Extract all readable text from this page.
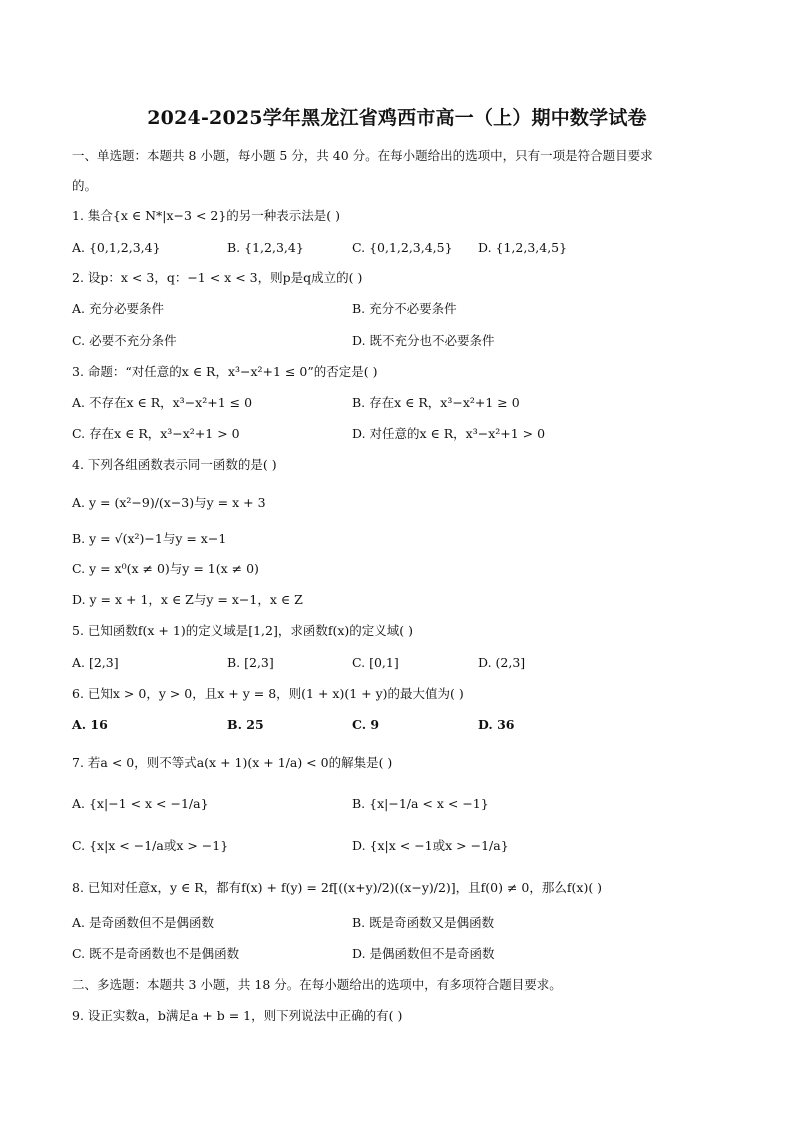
2024-2025学年黑龙江省鸡西市高一（上）期中数学试卷
一、单选题：本题共 8 小题，每小题 5 分，共 40 分。在每小题给出的选项中，只有一项是符合题目要求
的。
1. 集合{x ∈ N*|x−3 < 2}的另一种表示法是( )
A. {0,1,2,3,4}	B. {1,2,3,4}	C. {0,1,2,3,4,5} D. {1,2,3,4,5}
2. 设p：x < 3，q：−1 < x < 3，则p是q成立的( )
A. 充分必要条件	B. 充分不必要条件
C. 必要不充分条件	D. 既不充分也不必要条件
3. 命题：“对任意的x ∈ R，x³−x²+1 ≤ 0”的否定是( )
A. 不存在x ∈ R，x³−x²+1 ≤ 0	B. 存在x ∈ R，x³−x²+1 ≥ 0
C. 存在x ∈ R，x³−x²+1 > 0	D. 对任意的x ∈ R，x³−x²+1 > 0
4. 下列各组函数表示同一函数的是( )
A. y = (x²−9)/(x−3)与y = x + 3
B. y = √(x²)−1与y = x−1
C. y = x⁰(x ≠ 0)与y = 1(x ≠ 0)
D. y = x + 1，x ∈ Z与y = x−1，x ∈ Z
5. 已知函数f(x + 1)的定义域是[1,2]，求函数f(x)的定义域( )
A. [2,3]	B. [2,3]	C. [0,1]	D. (2,3]
6. 已知x > 0，y > 0，且x + y = 8，则(1 + x)(1 + y)的最大值为( )
A. 16	B. 25	C. 9	D. 36
7. 若a < 0，则不等式a(x + 1)(x + 1/a) < 0的解集是( )
A. {x|−1 < x < −1/a}	B. {x|−1/a < x < −1}
C. {x|x < −1/a或x > −1}	D. {x|x < −1或x > −1/a}
8. 已知对任意x，y ∈ R，都有f(x) + f(y) = 2f[((x+y)/2)((x−y)/2)]，且f(0) ≠ 0，那么f(x)( )
A. 是奇函数但不是偶函数	B. 既是奇函数又是偶函数
C. 既不是奇函数也不是偶函数	D. 是偶函数但不是奇函数
二、多选题：本题共 3 小题，共 18 分。在每小题给出的选项中，有多项符合题目要求。
9. 设正实数a，b满足a + b = 1，则下列说法中正确的有( )
